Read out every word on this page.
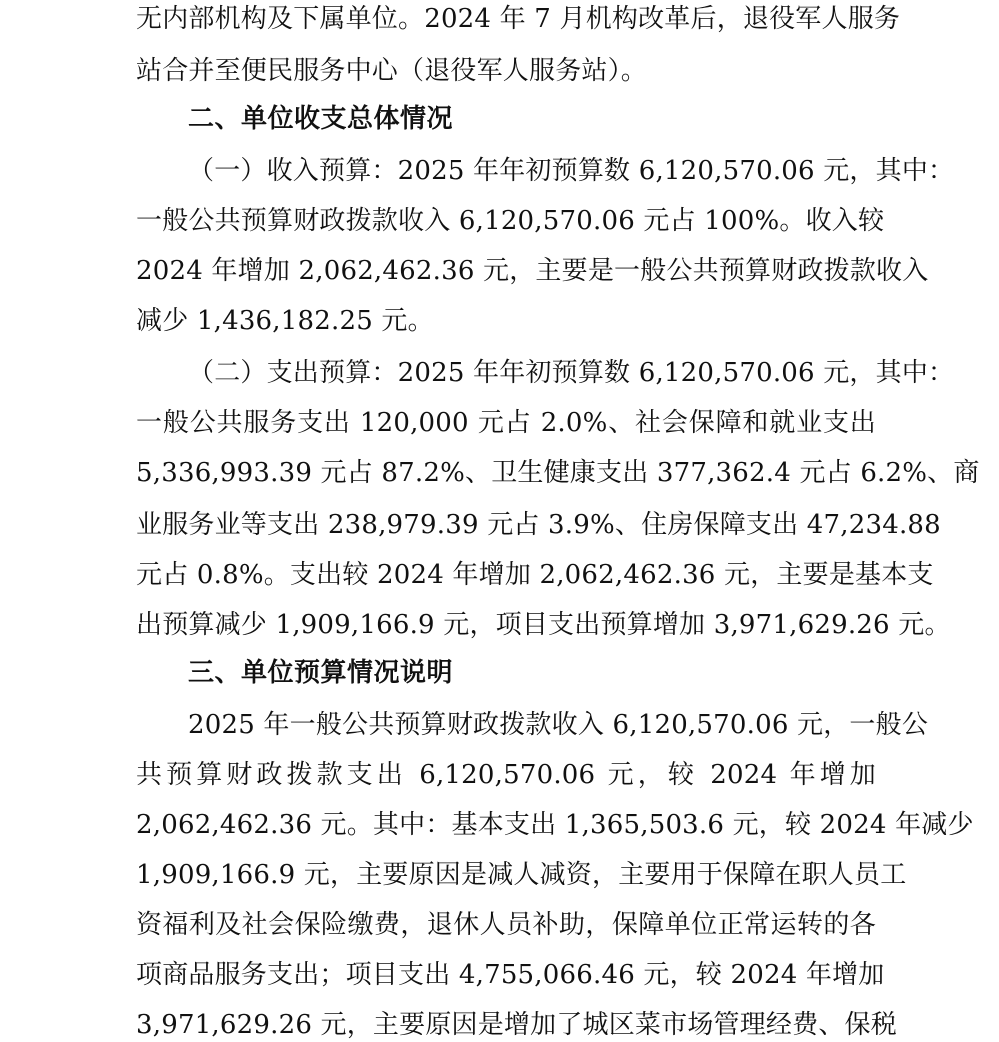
无内部机构及下属单位。2024 年 7 月机构改革后，退役军人服务
站合并至便民服务中心（退役军人服务站）。
二、单位收支总体情况
（一）收入预算：2025 年年初预算数 6,120,570.06 元，其中：
一般公共预算财政拨款收入 6,120,570.06 元占 100%。收入较
2024 年增加 2,062,462.36 元，主要是一般公共预算财政拨款收入
减少 1,436,182.25 元。
（二）支出预算：2025 年年初预算数 6,120,570.06 元，其中：
一般公共服务支出 120,000 元占 2.0%、社会保障和就业支出
5,336,993.39 元占 87.2%、卫生健康支出 377,362.4 元占 6.2%、商
业服务业等支出 238,979.39 元占 3.9%、住房保障支出 47,234.88
元占 0.8%。支出较 2024 年增加 2,062,462.36 元，主要是基本支
出预算减少 1,909,166.9 元，项目支出预算增加 3,971,629.26 元。
三、单位预算情况说明
2025 年一般公共预算财政拨款收入 6,120,570.06 元，一般公
共预算财政拨款支出 6,120,570.06 元，较 2024 年增加
2,062,462.36 元。其中：基本支出 1,365,503.6 元，较 2024 年减少
1,909,166.9 元，主要原因是减人减资，主要用于保障在职人员工
资福利及社会保险缴费，退休人员补助，保障单位正常运转的各
项商品服务支出；项目支出 4,755,066.46 元，较 2024 年增加
3,971,629.26 元，主要原因是增加了城区菜市场管理经费、保税
